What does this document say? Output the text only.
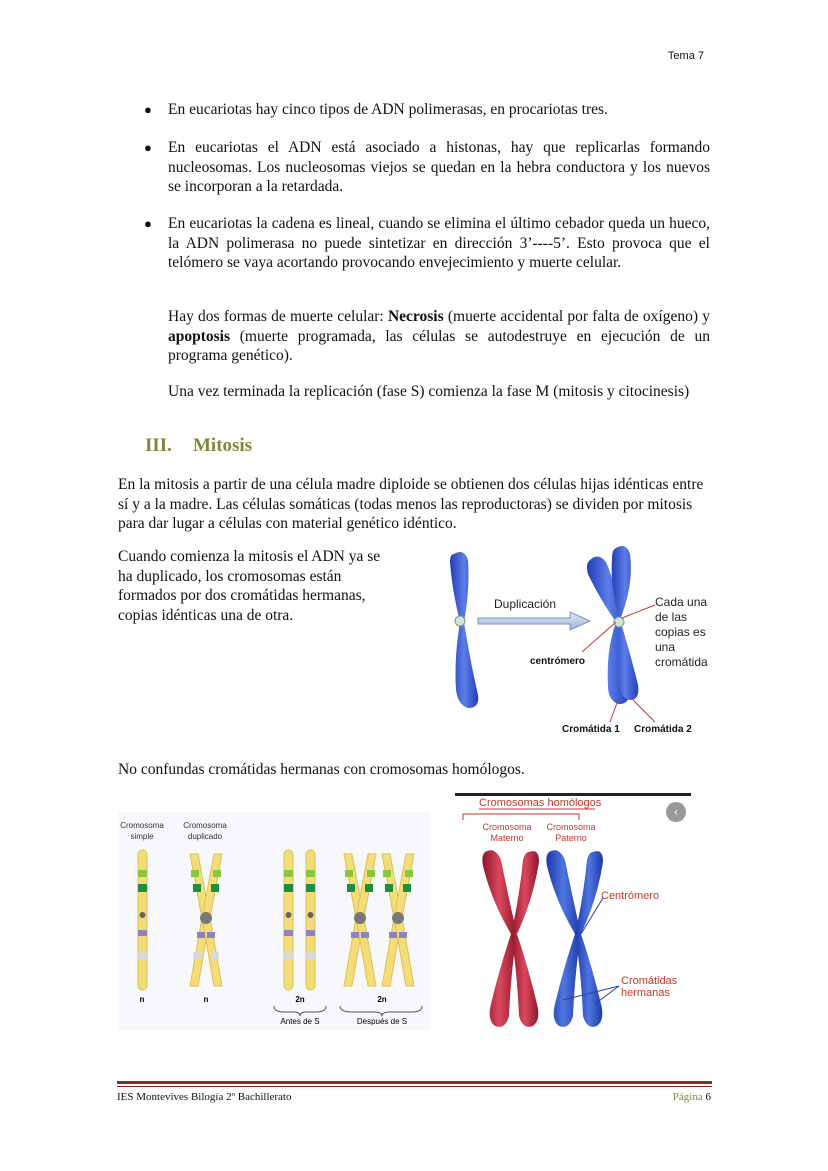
Tema 7
● En eucariotas hay cinco tipos de ADN polimerasas, en procariotas tres.
● En eucariotas el ADN está asociado a histonas, hay que replicarlas formando nucleosomas. Los nucleosomas viejos se quedan en la hebra conductora y los nuevos se incorporan a la retardada.
● En eucariotas la cadena es lineal, cuando se elimina el último cebador queda un hueco, la ADN polimerasa no puede sintetizar en dirección 3’----5’. Esto provoca que el telómero se vaya acortando provocando envejecimiento y muerte celular.
Hay dos formas de muerte celular: Necrosis (muerte accidental por falta de oxígeno) y apoptosis (muerte programada, las células se autodestruye en ejecución de un programa genético).
Una vez terminada la replicación (fase S) comienza la fase M (mitosis y citocinesis)
III. Mitosis
En la mitosis a partir de una célula madre diploide se obtienen dos células hijas idénticas entre sí y a la madre. Las células somáticas (todas menos las reproductoras) se dividen por mitosis para dar lugar a células con material genético idéntico.
Cuando comienza la mitosis el ADN ya se ha duplicado, los cromosomas están formados por dos cromátidas hermanas, copias idénticas una de otra.
Duplicación
centrómero
Cada una de las copias es una cromátida
Cromátida 1 Cromátida 2
No confundas cromátidas hermanas con cromosomas homólogos.
Cromosoma simple
Cromosoma duplicado
n	n	2n	2n
Antes de S	Después de S
Cromosomas homólogos
‹
Cromosoma Materno
Cromosoma Paterno
Centrómero
Cromátidas hermanas
IES Montevives Bilogía 2º Bachillerato	Página 6
